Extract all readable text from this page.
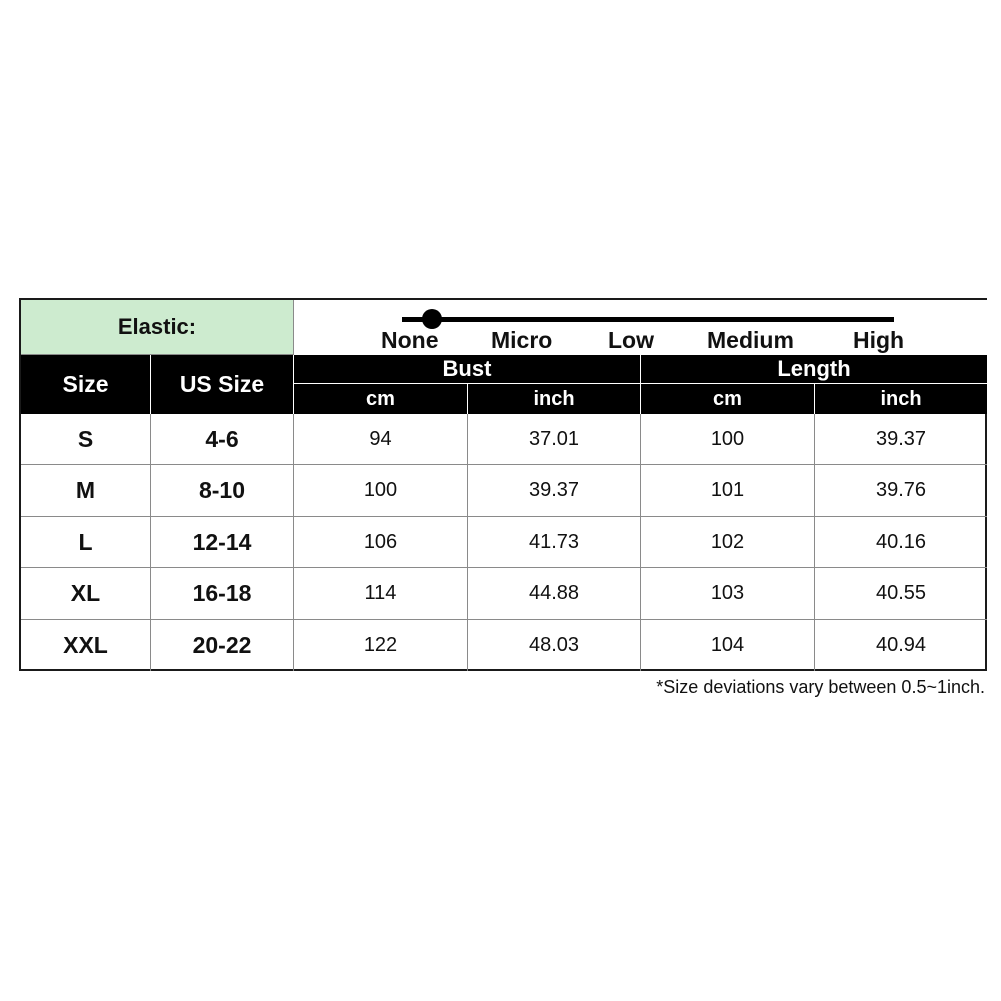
Elastic:
None Micro Low Medium	High
Size	US Size
Bust	Length
cm	inch	cm	inch
S	4-6	94	37.01	100	39.37
M	8-10	100	39.37	101	39.76
L	12-14	106	41.73	102	40.16
XL	16-18	114	44.88	103	40.55
XXL	20-22	122	48.03	104	40.94
*Size deviations vary between 0.5~1inch.
